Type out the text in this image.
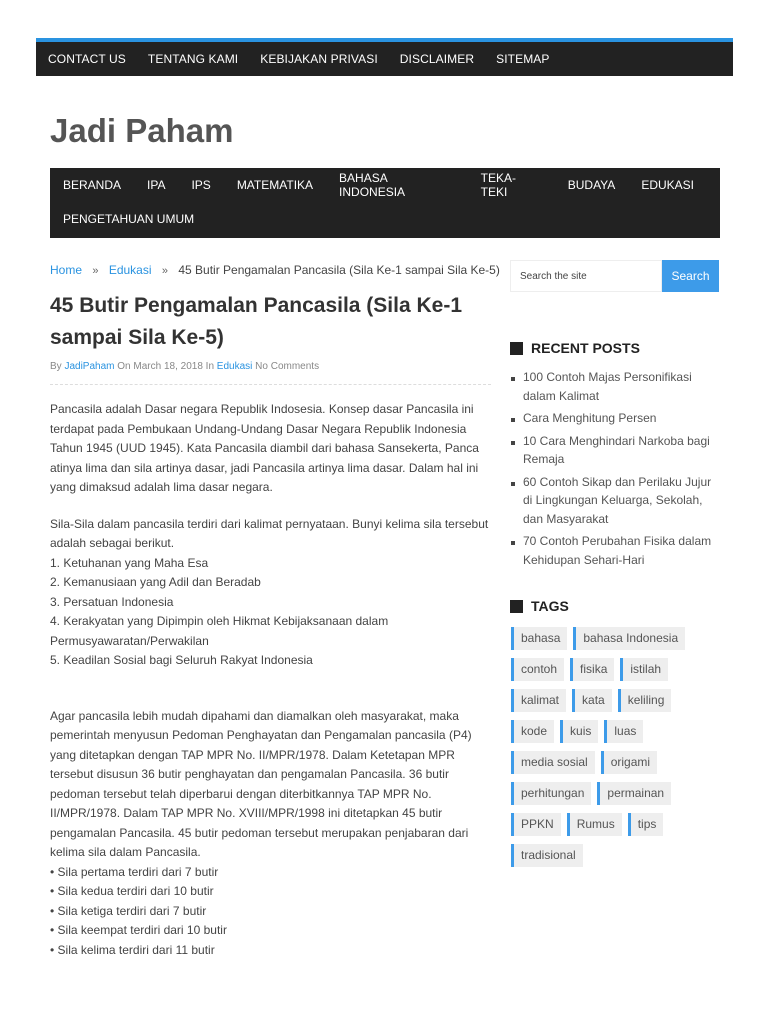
CONTACT US TENTANG KAMI KEBIJAKAN PRIVASI DISCLAIMER SITEMAP
Jadi Paham
BERANDA IPA IPS MATEMATIKA BAHASA INDONESIA
TEKA-TEKI	BUDAYA EDUKASI
PENGETAHUAN UMUM
Home » Edukasi » 45 Butir Pengamalan Pancasila (Sila Ke-1 sampai Sila Ke-5)
45 Butir Pengamalan Pancasila (Sila Ke-1 sampai Sila Ke-5)
By JadiPaham On March 18, 2018 In Edukasi No Comments

Pancasila adalah Dasar negara Republik Indosesia. Konsep dasar Pancasila ini terdapat pada Pembukaan Undang-Undang Dasar Negara Republik Indonesia Tahun 1945 (UUD 1945). Kata Pancasila diambil dari bahasa Sansekerta, Panca atinya lima dan sila artinya dasar, jadi Pancasila artinya lima dasar. Dalam hal ini yang dimaksud adalah lima dasar negara.

Sila-Sila dalam pancasila terdiri dari kalimat pernyataan. Bunyi kelima sila tersebut adalah sebagai berikut.

1. Ketuhanan yang Maha Esa

2. Kemanusiaan yang Adil dan Beradab

3. Persatuan Indonesia

4. Kerakyatan yang Dipimpin oleh Hikmat Kebijaksanaan dalam Permusyawaratan/Perwakilan

5. Keadilan Sosial bagi Seluruh Rakyat Indonesia

Agar pancasila lebih mudah dipahami dan diamalkan oleh masyarakat, maka pemerintah menyusun Pedoman Penghayatan dan Pengamalan pancasila (P4) yang ditetapkan dengan TAP MPR No. II/MPR/1978. Dalam Ketetapan MPR tersebut disusun 36 butir penghayatan dan pengamalan Pancasila. 36 butir pedoman tersebut telah diperbarui dengan diterbitkannya TAP MPR No. II/MPR/1978. Dalam TAP MPR No. XVIII/MPR/1998 ini ditetapkan 45 butir pengamalan Pancasila. 45 butir pedoman tersebut merupakan penjabaran dari kelima sila dalam Pancasila.

• Sila pertama terdiri dari 7 butir

• Sila kedua terdiri dari 10 butir

• Sila ketiga terdiri dari 7 butir

• Sila keempat terdiri dari 10 butir

• Sila kelima terdiri dari 11 butir

Search the site
Search
RECENT POSTS
100 Contoh Majas Personifikasi dalam Kalimat
Cara Menghitung Persen
10 Cara Menghindari Narkoba bagi Remaja
60 Contoh Sikap dan Perilaku Jujur di Lingkungan Keluarga, Sekolah, dan Masyarakat
70 Contoh Perubahan Fisika dalam Kehidupan Sehari-Hari
TAGS
bahasa	bahasa Indonesia
contoh	fisika	istilah
kalimat	kata	keliling
kode	kuis	luas
media sosial	origami
perhitungan	permainan
PPKN	Rumus	tips
tradisional
